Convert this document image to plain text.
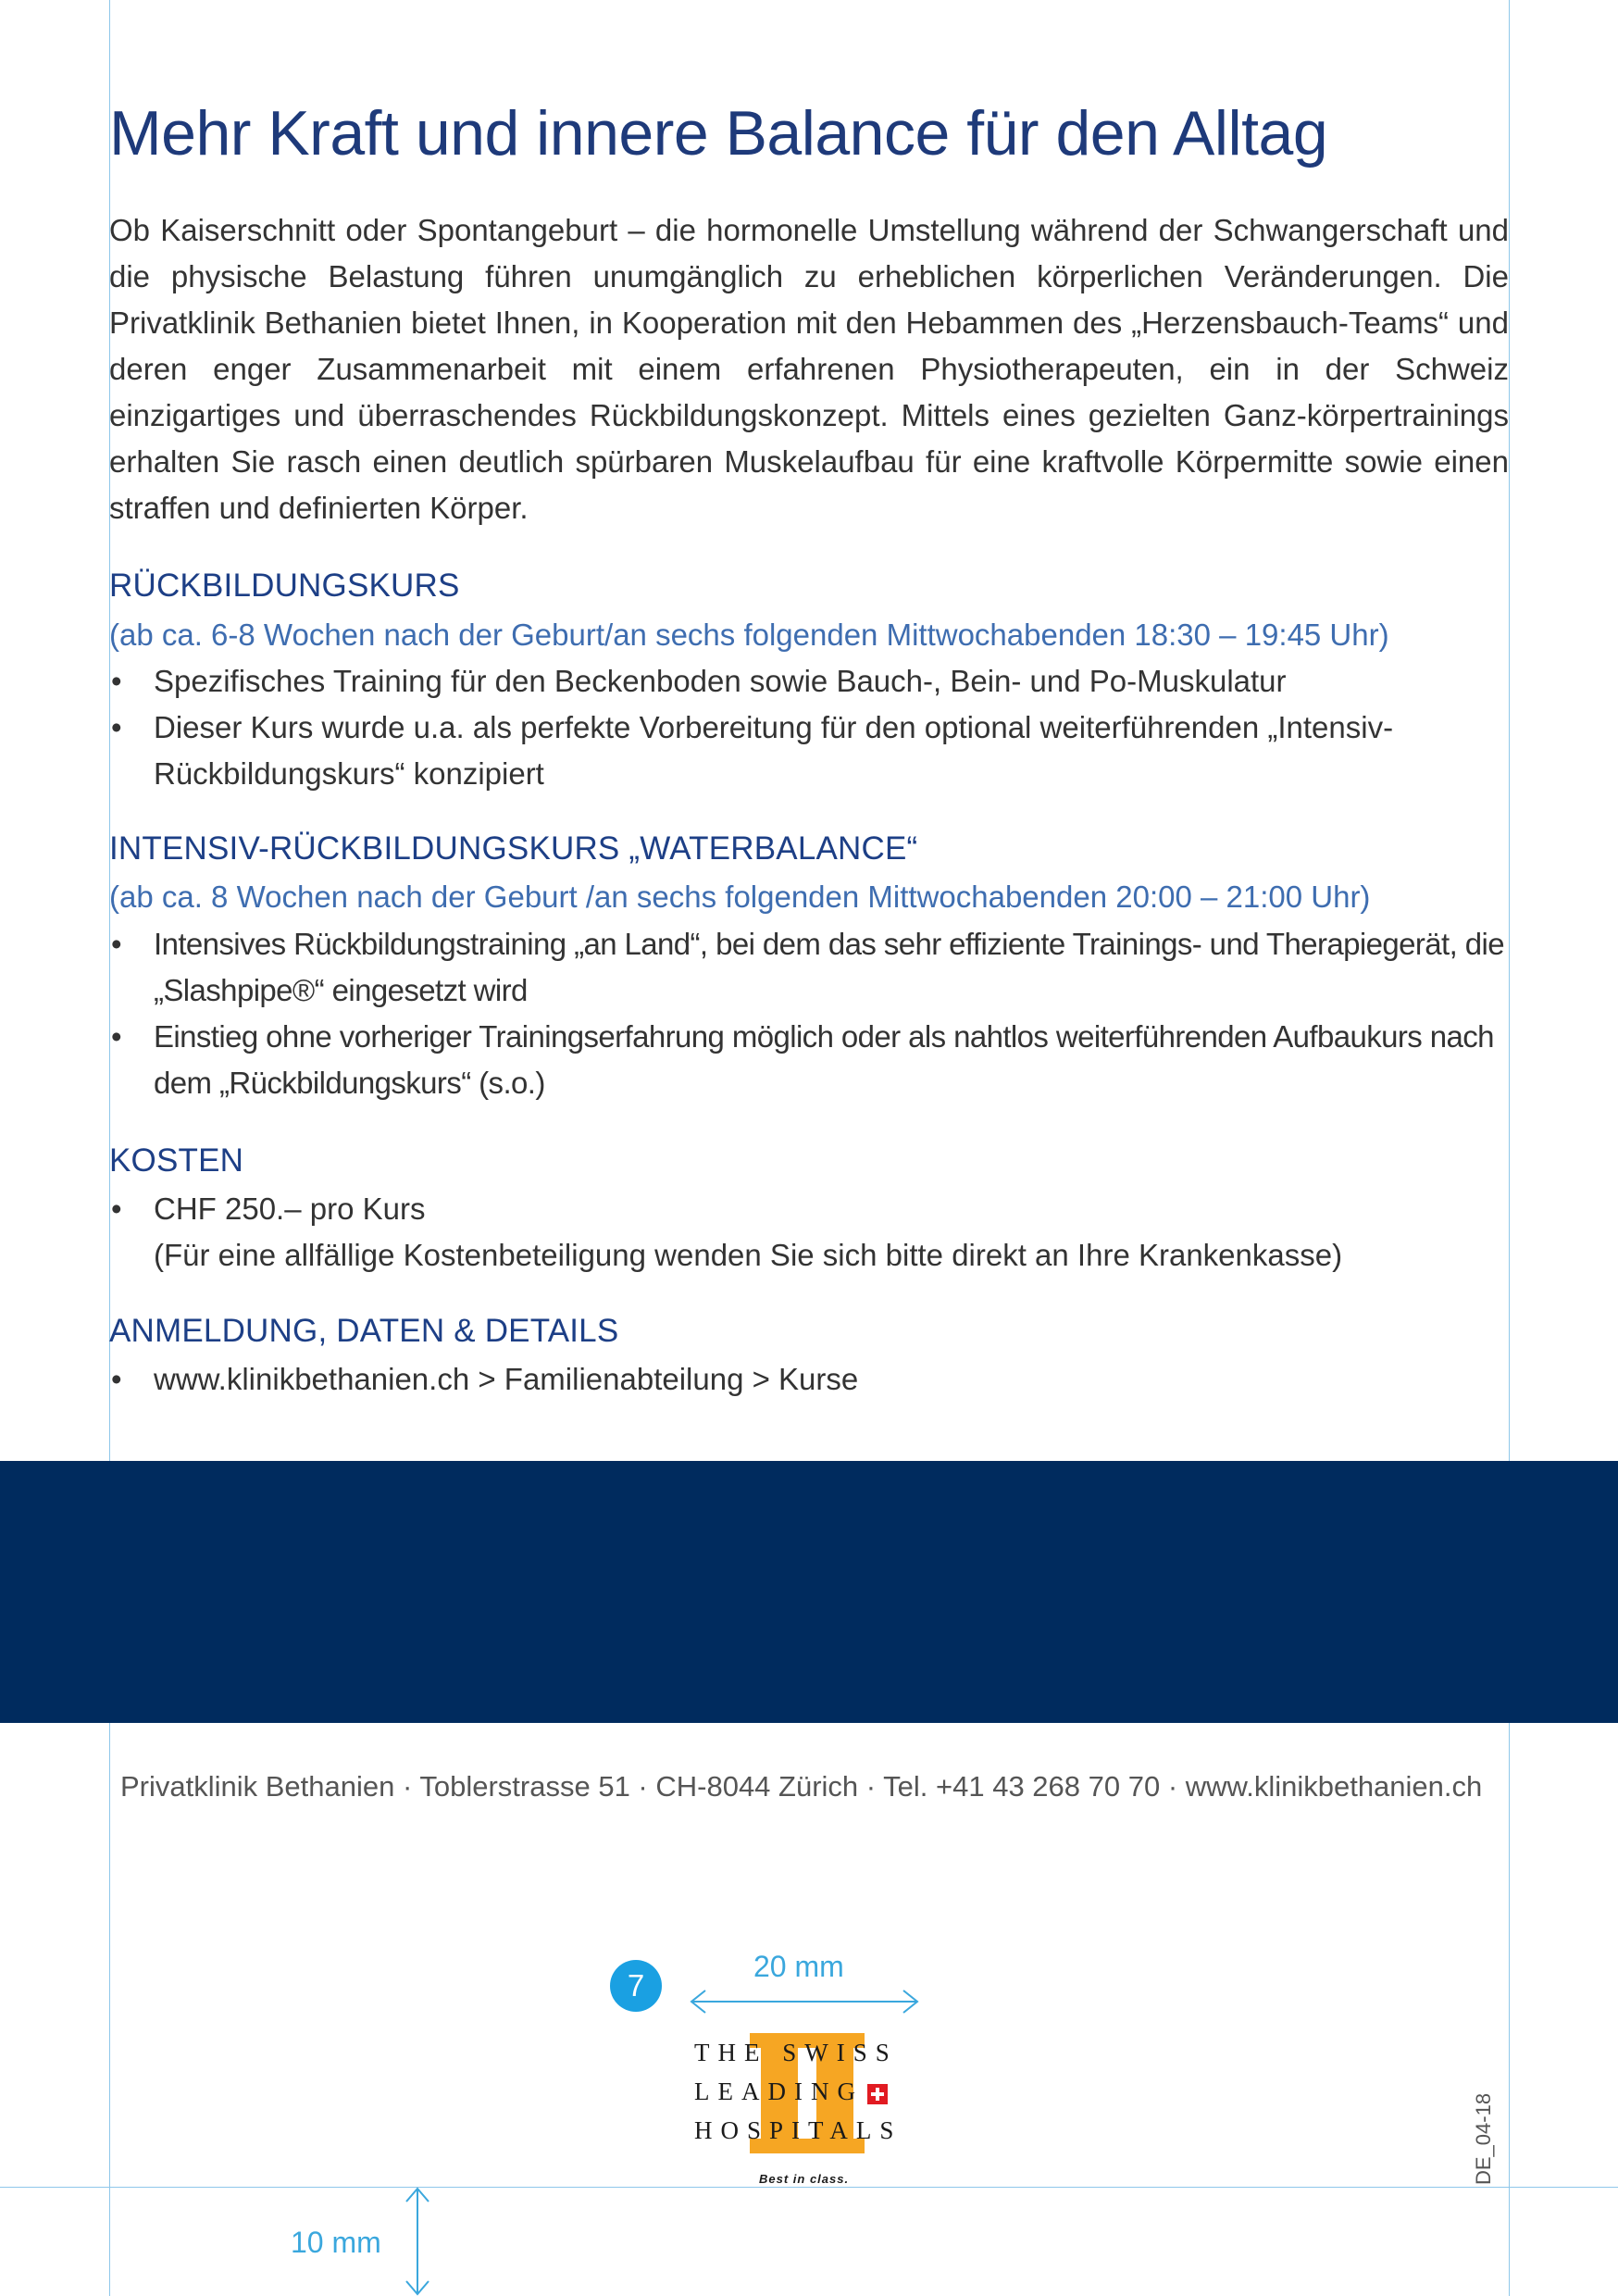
Mehr Kraft und innere Balance für den Alltag

Ob Kaiserschnitt oder Spontangeburt – die hormonelle Umstellung während der Schwangerschaft und die physische Belastung führen unumgänglich zu erheblichen körperlichen Veränderungen. Die Privatklinik Bethanien bietet Ihnen, in Kooperation mit den Hebammen des „Herzensbauch-Teams“ und deren enger Zusammenarbeit mit einem erfahrenen Physiotherapeuten, ein in der Schweiz einzigartiges und überraschendes Rückbildungskonzept. Mittels eines gezielten Ganz-körpertrainings erhalten Sie rasch einen deutlich spürbaren Muskelaufbau für eine kraftvolle Körpermitte sowie einen straffen und definierten Körper.

RÜCKBILDUNGSKURS

(ab ca. 6-8 Wochen nach der Geburt/an sechs folgenden Mittwochabenden 18:30 – 19:45 Uhr)

• Spezifisches Training für den Beckenboden sowie Bauch-, Bein- und Po-Muskulatur
• Dieser Kurs wurde u.a. als perfekte Vorbereitung für den optional weiterführenden „Intensiv-Rückbildungskurs“ konzipiert
INTENSIV-RÜCKBILDUNGSKURS „WATERBALANCE“

(ab ca. 8 Wochen nach der Geburt /an sechs folgenden Mittwochabenden 20:00 – 21:00 Uhr)

• Intensives Rückbildungstraining „an Land“, bei dem das sehr effiziente Trainings- und Therapiegerät, die „Slashpipe®“ eingesetzt wird
• Einstieg ohne vorheriger Trainingserfahrung möglich oder als nahtlos weiterführenden Aufbaukurs nach dem „Rückbildungskurs“ (s.o.)
KOSTEN
• CHF 250.– pro Kurs
(Für eine allfällige Kostenbeteiligung wenden Sie sich bitte direkt an Ihre Krankenkasse)
ANMELDUNG, DATEN & DETAILS
• www.klinikbethanien.ch > Familienabteilung > Kurse

Privatklinik Bethanien · Toblerstrasse 51 · CH-8044 Zürich · Tel. +41 43 268 70 70 · www.klinikbethanien.ch

7
20 mm
THE SWISS
LEADING
HOSPITALS
Best in class.
10 mm
DE_04-18
